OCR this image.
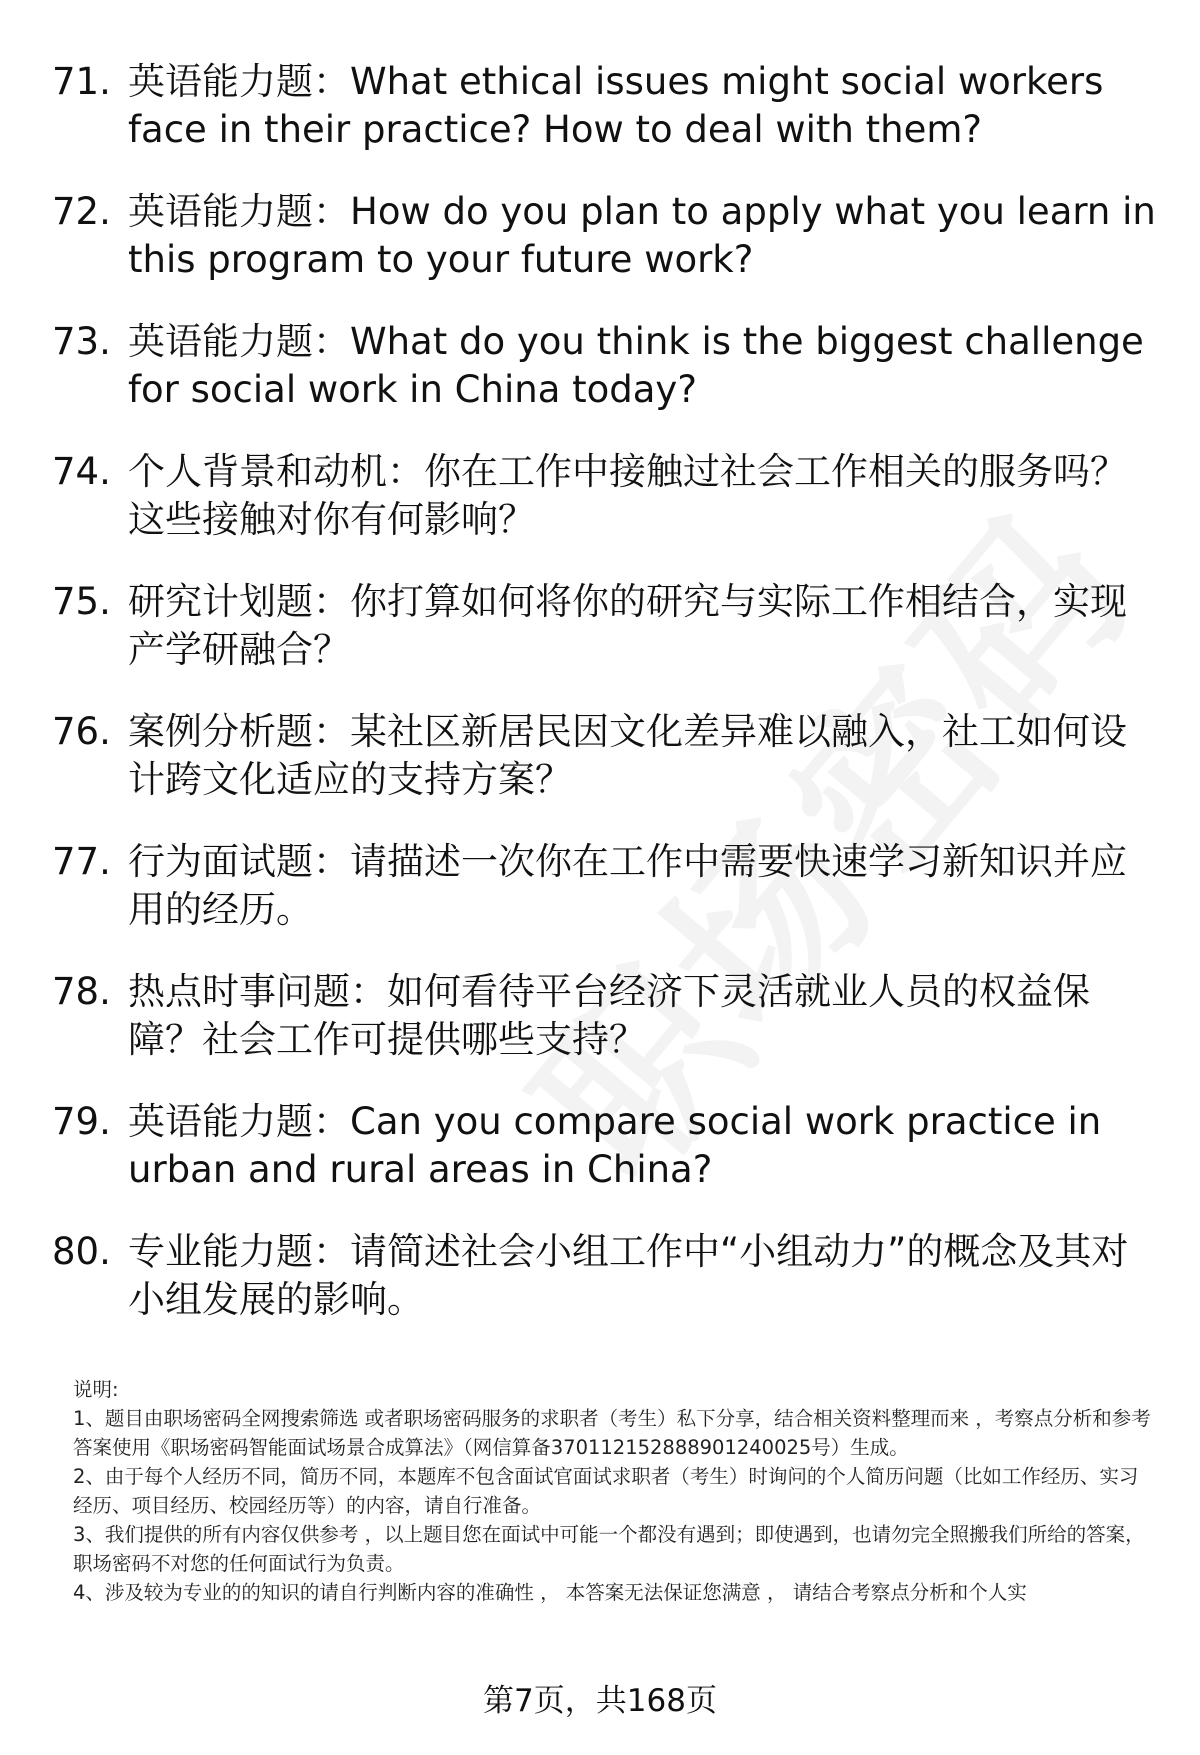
71. 英语能力题：What ethical issues might social workers face in their practice? How to deal with them?
72. 英语能力题：How do you plan to apply what you learn in this program to your future work?
73. 英语能力题：What do you think is the biggest challenge for social work in China today?
74. 个人背景和动机：你在工作中接触过社会工作相关的服务吗？这些接触对你有何影响？
75. 研究计划题：你打算如何将你的研究与实际工作相结合，实现产学研融合？
76. 案例分析题：某社区新居民因文化差异难以融入，社工如何设计跨文化适应的支持方案？
77. 行为面试题：请描述一次你在工作中需要快速学习新知识并应用的经历。
78. 热点时事问题：如何看待平台经济下灵活就业人员的权益保障？社会工作可提供哪些支持？
79. 英语能力题：Can you compare social work practice in urban and rural areas in China?
80. 专业能力题：请简述社会小组工作中“小组动力”的概念及其对小组发展的影响。

说明:

1、题目由职场密码全网搜索筛选 或者职场密码服务的求职者（考生）私下分享，结合相关资料整理而来 ，考察点分析和参考答案使用《职场密码智能面试场景合成算法》（网信算备370112152888901240025号）生成。

2、由于每个人经历不同，简历不同，本题库不包含面试官面试求职者（考生）时询问的个人简历问题（比如工作经历、实习经历、项目经历、校园经历等）的内容，请自行准备。

3、我们提供的所有内容仅供参考 ，以上题目您在面试中可能一个都没有遇到；即使遇到，也请勿完全照搬我们所给的答案，职场密码不对您的任何面试行为负责。

4、涉及较为专业的的知识的请自行判断内容的准确性 ， 本答案无法保证您满意 ， 请结合考察点分析和个人实

第7页，共168页
